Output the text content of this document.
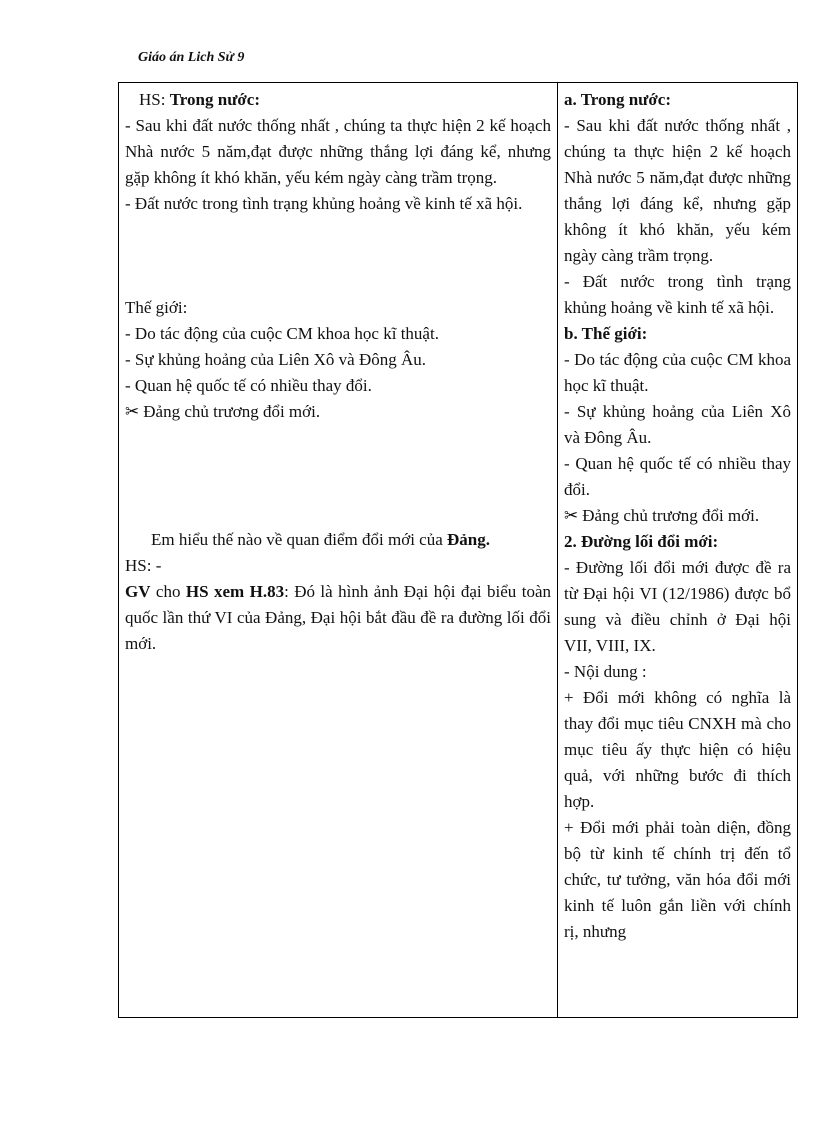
Giáo án Lich Sử 9
HS: Trong nước:
- Sau khi đất nước thống nhất , chúng ta thực hiện 2 kế hoạch Nhà nước 5 năm,đạt được những thắng lợi đáng kể, nhưng gặp không ít khó khăn, yếu kém ngày càng trầm trọng.
- Đất nước trong tình trạng khủng hoảng về kinh tế xã hội.
Thế giới:
- Do tác động của cuộc CM khoa học kĩ thuật.
- Sự khủng hoảng của Liên Xô và Đông Âu.
- Quan hệ quốc tế có nhiều thay đổi.
✂ Đảng chủ trương đổi mới.
Em hiểu thế nào về quan điểm đổi mới của Đảng.
HS: -
GV cho HS xem H.83: Đó là hình ảnh Đại hội đại biểu toàn quốc lần thứ VI của Đảng, Đại hội bắt đầu đề ra đường lối đổi mới.
a. Trong nước:
- Sau khi đất nước thống nhất , chúng ta thực hiện 2 kế hoạch Nhà nước 5 năm,đạt được những thắng lợi đáng kể, nhưng gặp không ít khó khăn, yếu kém ngày càng trầm trọng.
- Đất nước trong tình trạng khủng hoảng về kinh tế xã hội.
b. Thế giới:
- Do tác động của cuộc CM khoa học kĩ thuật.
- Sự khủng hoảng của Liên Xô và Đông Âu.
- Quan hệ quốc tế có nhiều thay đổi.
✂ Đảng chủ trương đổi mới.
2. Đường lối đổi mới:
- Đường lối đổi mới được đề ra từ Đại hội VI (12/1986) được bổ sung và điều chỉnh ở Đại hội VII, VIII, IX.
- Nội dung :
+ Đổi mới không có nghĩa là thay đổi mục tiêu CNXH mà cho mục tiêu ấy thực hiện có hiệu quả, với những bước đi thích hợp.
+ Đổi mới phải toàn diện, đồng bộ từ kinh tế chính trị đến tổ chức, tư tưởng, văn hóa đổi mới kinh tế luôn gắn liền với chính rị, nhưng
